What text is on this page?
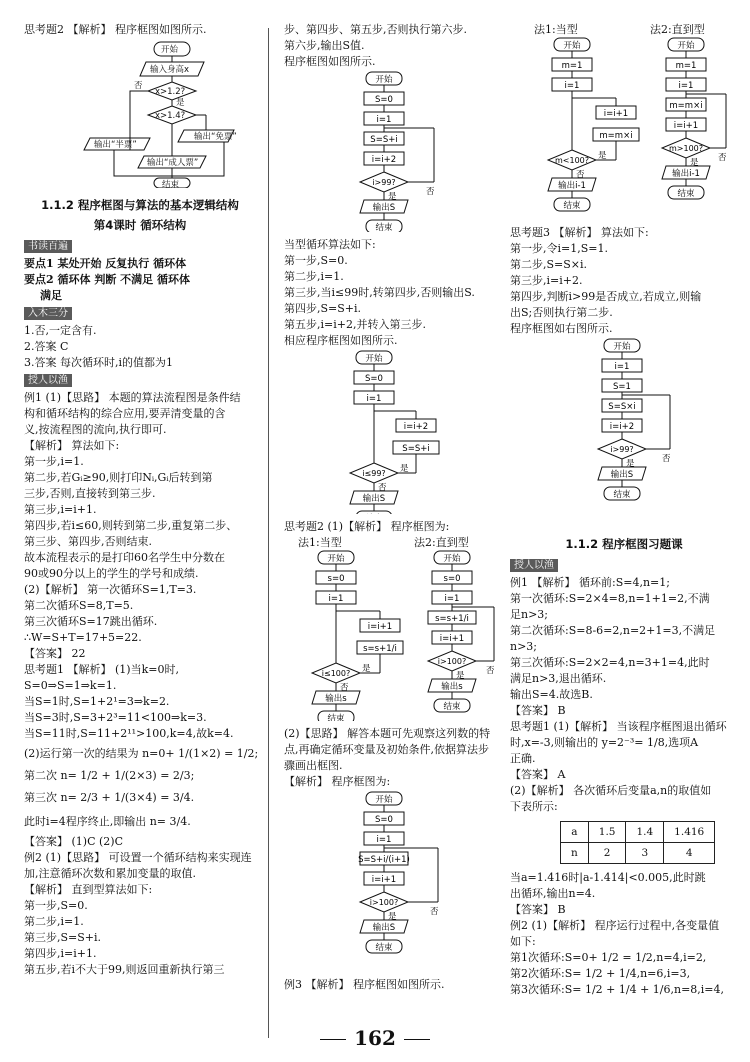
思考题2 【解析】 程序框图如图所示.
开始
输入身高x
x>1.2?
x>1.4?
否
是
输出“免票”
输出“半票”
输出“成人票”
结束
1.1.2 程序框图与算法的基本逻辑结构
第4课时 循环结构
书读百遍
要点1 某处开始 反复执行 循环体
要点2 循环体 判断 不满足 循环体
满足
入木三分
1.否,一定含有.
2.答案 C
3.答案 每次循环时,i的值都为1
授人以渔
例1 (1)【思路】 本题的算法流程图是条件结
构和循环结构的综合应用,要弄清变量的含
义,按流程图的流向,执行即可.
【解析】 算法如下:
第一步,i=1.
第二步,若Gᵢ≥90,则打印Nᵢ,Gᵢ后转到第
三步,否则,直接转到第三步.
第三步,i=i+1.
第四步,若i≤60,则转到第二步,重复第二步、
第三步、第四步,否则结束.
故本流程表示的是打印60名学生中分数在
90或90分以上的学生的学号和成绩.
(2)【解析】 第一次循环S=1,T=3.
第二次循环S=8,T=5.
第三次循环S=17跳出循环.
∴W=S+T=17+5=22.
【答案】 22
思考题1 【解析】 (1)当k=0时,
S=0⇒S=1⇒k=1.
当S=1时,S=1+2¹=3⇒k=2.
当S=3时,S=3+2³=11<100⇒k=3.
当S=11时,S=11+2¹¹>100,k=4,故k=4.
(2)运行第一次的结果为 n=0+ 1/(1×2) = 1/2;
第二次 n= 1/2 + 1/(2×3) = 2/3;
第三次 n= 2/3 + 1/(3×4) = 3/4.
此时i=4程序终止,即输出 n= 3/4.
【答案】 (1)C (2)C
例2 (1)【思路】 可设置一个循环结构来实现连
加,注意循环次数和累加变量的取值.
【解析】 直到型算法如下:
第一步,S=0.
第二步,i=1.
第三步,S=S+i.
第四步,i=i+1.
第五步,若i不大于99,则返回重新执行第三
步、第四步、第五步,否则执行第六步.
第六步,输出S值.
程序框图如图所示.
开始
S=0
i=1
S=S+i
i=i+2
i>99?
否
是
输出S
结束
当型循环算法如下:
第一步,S=0.
第二步,i=1.
第三步,当i≤99时,转第四步,否则输出S.
第四步,S=S+i.
第五步,i=i+2,并转入第三步.
相应程序框图如图所示.
开始
S=0
i=1
i=i+2
S=S+i
i≤99? 是
否
输出S
思考题2 (1)【解析】 程序框图为:
法1:当型	法2:直到型
开始
s=0
i=1
i=i+1
s=s+1/i
i≤100? 是
否
输出s
结束
开始
s=0
i=1
s=s+1/i
i=i+1
i>100?
否
是
输出s
结束
(2)【思路】 解答本题可先观察这列数的特
点,再确定循环变量及初始条件,依据算法步
骤画出框图.
【解析】 程序框图为:
开始
S=0
i=1
S=S+i/(i+1)
i=i+1
i>100?
否
是
输出S
结束
例3 【解析】 程序框图如图所示.
法1:当型	法2:直到型
开始
m=1
i=1
i=i+1
m=m×i
m<100? 是
否
输出i-1
结束
开始
m=1
i=1
m=m×i
i=i+1
m>100?
否
是
输出i-1
结束
思考题3 【解析】 算法如下:
第一步,令i=1,S=1.
第二步,S=S×i.
第三步,i=i+2.
第四步,判断i>99是否成立,若成立,则输
出S;否则执行第二步.
程序框图如右图所示.
开始
i=1
S=1
S=S×i
i=i+2
i>99?
否
是
输出S
结束
1.1.2 程序框图习题课
授人以渔
例1 【解析】 循环前:S=4,n=1;
第一次循环:S=2×4=8,n=1+1=2,不满
足n>3;
第二次循环:S=8-6=2,n=2+1=3,不满足
n>3;
第三次循环:S=2×2=4,n=3+1=4,此时
满足n>3,退出循环.
输出S=4.故选B.
【答案】 B
思考题1 (1)【解析】 当该程序框图退出循环
时,x=-3,则输出的 y=2⁻³= 1/8,选项A
正确.
【答案】 A
(2)【解析】 各次循环后变量a,n的取值如
下表所示:
a	1.5	1.4	1.416
n	2	3	4
当a=1.416时|a-1.414|<0.005,此时跳
出循环,输出n=4.
【答案】 B
例2 (1)【解析】 程序运行过程中,各变量值
如下:
第1次循环:S=0+ 1/2 = 1/2,n=4,i=2,
第2次循环:S= 1/2 + 1/4,n=6,i=3,
第3次循环:S= 1/2 + 1/4 + 1/6,n=8,i=4,
162
